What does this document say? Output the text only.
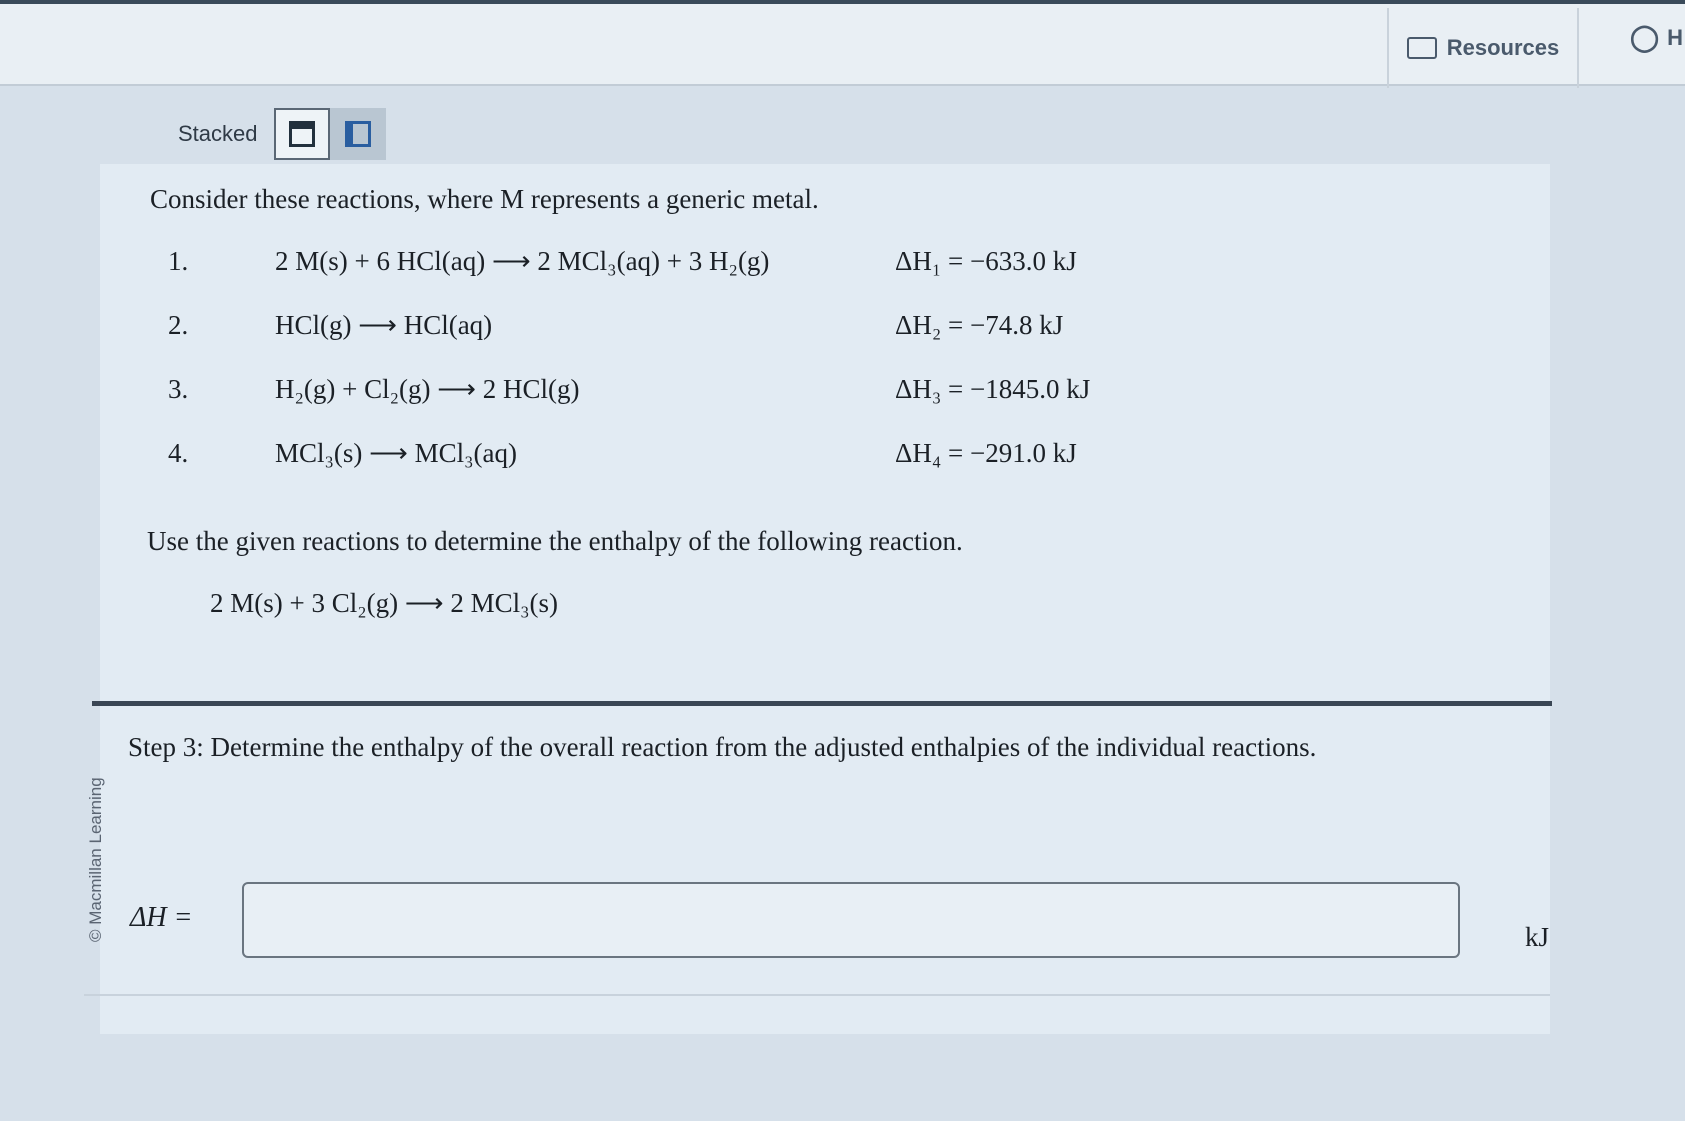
Resources	◯ H
Stacked
Consider these reactions, where M represents a generic metal.
1.	2 M(s) + 6 HCl(aq) ⟶ 2 MCl₃(aq) + 3 H₂(g)	ΔH₁ = −633.0 kJ
2.	HCl(g) ⟶ HCl(aq)	ΔH₂ = −74.8 kJ
3.	H₂(g) + Cl₂(g) ⟶ 2 HCl(g)	ΔH₃ = −1845.0 kJ
4.	MCl₃(s) ⟶ MCl₃(aq)	ΔH₄ = −291.0 kJ
Use the given reactions to determine the enthalpy of the following reaction.
2 M(s) + 3 Cl₂(g) ⟶ 2 MCl₃(s)
Step 3: Determine the enthalpy of the overall reaction from the adjusted enthalpies of the individual reactions.
ΔH =
kJ
© Macmillan Learning
